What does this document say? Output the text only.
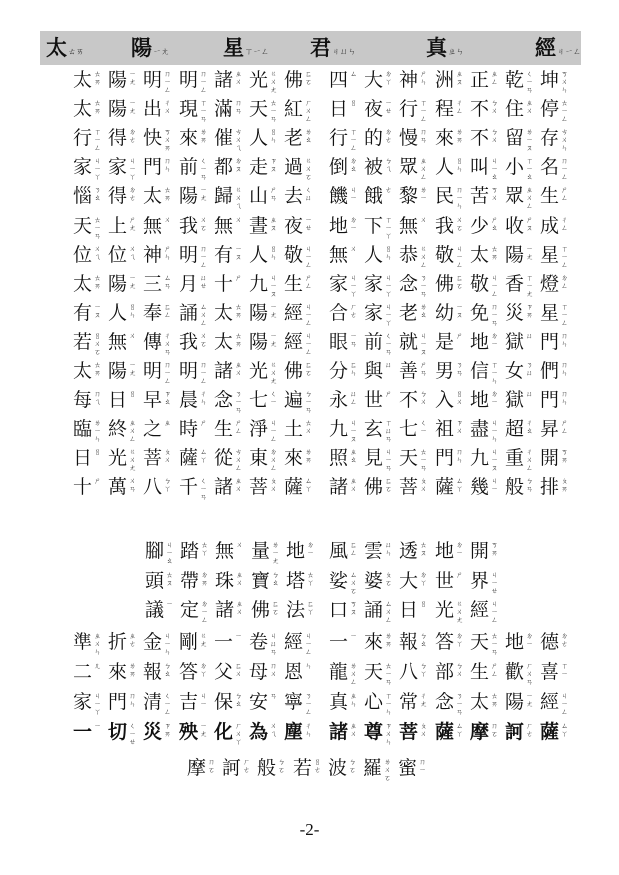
太ㄊㄞ 陽ㄧㄤ	星ㄒㄧㄥ 君ㄐㄩㄣ	真ㄓㄣ	經ㄐㄧㄥ
太 ㄊㄞ 陽 ㄧㄤ 明 ㄇㄧㄥ 明 ㄇㄧㄥ 諸 ㄓㄨ 光 ㄍㄨㄤ 佛 ㄈㄛ 四 ㄙ 大 ㄉㄚ 神 ㄕㄣ 洲 ㄓㄡ 正 ㄓㄥ 乾 ㄑㄧㄢ 坤 ㄎㄨㄣ
太 ㄊㄞ 陽 ㄧㄤ 出 ㄔㄨ 現 ㄒㄧㄢ 滿 ㄇㄢ 天 ㄊㄧㄢ 紅 ㄏㄨㄥ 日 ㄖ 夜 ㄧㄝ 行 ㄒㄧㄥ 程 ㄔㄥ 不 ㄅㄨ 住 ㄓㄨ 停 ㄊㄧㄥ
行 ㄒㄧㄥ 得 ㄉㄜ 快 ㄎㄨㄞ 來 ㄌㄞ 催 ㄘㄨㄟ 人 ㄖㄣ 老 ㄌㄠ 行 ㄒㄧㄥ 的 ㄉㄜ 慢 ㄇㄢ 來 ㄌㄞ 不 ㄅㄨ 留 ㄌㄧㄡ 存 ㄘㄨㄣ
家 ㄐㄧㄚ 家 ㄐㄧㄚ 門 ㄇㄣ 前 ㄑㄧㄢ 都 ㄉㄡ 走 ㄗㄡ 過 ㄍㄨㄛ 倒 ㄉㄠ 被 ㄅㄟ 眾 ㄓㄨㄥ 人 ㄖㄣ 叫 ㄐㄧㄠ 小 ㄒㄧㄠ 名 ㄇㄧㄥ
惱 ㄋㄠ 得 ㄉㄜ 太 ㄊㄞ 陽 ㄧㄤ 歸 ㄍㄨㄟ 山 ㄕㄢ 去 ㄑㄩ 饑 ㄐㄧ 餓 ㄜ 黎 ㄌㄧ 民 ㄇㄧㄣ 苦 ㄎㄨ 眾 ㄓㄨㄥ 生 ㄕㄥ
天 ㄊㄧㄢ 上 ㄕㄤ 無 ㄨ 我 ㄨㄛ 無 ㄨ 晝 ㄓㄡ 夜 ㄧㄝ 地 ㄉㄧ 下 ㄒㄧㄚ 無 ㄨ 我 ㄨㄛ 少 ㄕㄠ 收 ㄕㄡ 成 ㄔㄥ
位 ㄨㄟ 位 ㄨㄟ 神 ㄕㄣ 明 ㄇㄧㄥ 有 ㄧㄡ 人 ㄖㄣ 敬 ㄐㄧㄥ 無 ㄨ 人 ㄖㄣ 恭 ㄍㄨㄥ 敬 ㄐㄧㄥ 太 ㄊㄞ 陽 ㄧㄤ 星 ㄒㄧㄥ
太 ㄊㄞ 陽 ㄧㄤ 三 ㄙㄢ 月 ㄩㄝ 十 ㄕ 九 ㄐㄧㄡ 生 ㄕㄥ 家 ㄐㄧㄚ 家 ㄐㄧㄚ 念 ㄋㄧㄢ 佛 ㄈㄛ 敬 ㄐㄧㄥ 香 ㄒㄧㄤ 燈 ㄉㄥ
有 ㄧㄡ 人 ㄖㄣ 奉 ㄈㄥ 誦 ㄙㄨㄥ 太 ㄊㄞ 陽 ㄧㄤ 經 ㄐㄧㄥ 合 ㄏㄜ 家 ㄐㄧㄚ 老 ㄌㄠ 幼 ㄧㄡ 免 ㄇㄧㄢ 災 ㄗㄞ 星 ㄒㄧㄥ
若 ㄖㄨㄛ 無 ㄨ 傳 ㄔㄨㄢ 我 ㄨㄛ 太 ㄊㄞ 陽 ㄧㄤ 經 ㄐㄧㄥ 眼 ㄧㄢ 前 ㄑㄧㄢ 就 ㄐㄧㄡ 是 ㄕ 地 ㄉㄧ 獄 ㄩ 門 ㄇㄣ
太 ㄊㄞ 陽 ㄧㄤ 明 ㄇㄧㄥ 明 ㄇㄧㄥ 諸 ㄓㄨ 光 ㄍㄨㄤ 佛 ㄈㄛ 分 ㄈㄣ 與 ㄩ 善 ㄕㄢ 男 ㄋㄢ 信 ㄒㄧㄣ 女 ㄋㄩ 們 ㄇㄣ
每 ㄇㄟ 日 ㄖ 早 ㄗㄠ 晨 ㄔㄣ 念 ㄋㄧㄢ 七 ㄑㄧ 遍 ㄅㄧㄢ 永 ㄩㄥ 世 ㄕ 不 ㄅㄨ 入 ㄖㄨ 地 ㄉㄧ 獄 ㄩ 門 ㄇㄣ
臨 ㄌㄧㄣ 終 ㄓㄨㄥ 之 ㄓ 時 ㄕ 生 ㄕㄥ 淨 ㄐㄧㄥ 土 ㄊㄨ 九 ㄐㄧㄡ 玄 ㄒㄩㄢ 七 ㄑㄧ 祖 ㄗㄨ 盡 ㄐㄧㄣ 超 ㄔㄠ 昇 ㄕㄥ
日 ㄖ 光 ㄍㄨㄤ 菩 ㄆㄨ 薩 ㄙㄚ 從 ㄘㄨㄥ 東 ㄉㄨㄥ 來 ㄌㄞ 照 ㄓㄠ 見 ㄐㄧㄢ 天 ㄊㄧㄢ 門 ㄇㄣ 九 ㄐㄧㄡ 重 ㄔㄨㄥ 開 ㄎㄞ
十 ㄕ 萬 ㄨㄢ 八 ㄅㄚ 千 ㄑㄧㄢ 諸 ㄓㄨ 菩 ㄆㄨ 薩 ㄙㄚ 諸 ㄓㄨ 佛 ㄈㄛ 菩 ㄆㄨ 薩 ㄙㄚ 幾 ㄐㄧ 般 ㄅㄢ 排 ㄆㄞ
腳 ㄐㄧㄠ 踏 ㄊㄚ 無 ㄨ 量 ㄌㄧㄤ 地 ㄉㄧ 風 ㄈㄥ 雲 ㄩㄣ 透 ㄊㄡ 地 ㄉㄧ 開 ㄎㄞ
頭 ㄊㄡ 帶 ㄉㄞ 珠 ㄓㄨ 寶 ㄅㄠ 塔 ㄊㄚ 娑 ㄙㄨㄛ 婆 ㄆㄛ 大 ㄉㄚ 世 ㄕ 界 ㄐㄧㄝ
議 ㄧ 定 ㄉㄧㄥ 諸 ㄓㄨ 佛 ㄈㄛ 法 ㄈㄚ 口 ㄎㄡ 誦 ㄙㄨㄥ 日 ㄖ 光 ㄍㄨㄤ 經 ㄐㄧㄥ
準 ㄓㄨㄣ 折 ㄓㄜ 金 ㄐㄧㄣ 剛 ㄍㄤ 一 ㄧ 卷 ㄐㄩㄢ 經 ㄐㄧㄥ 一 ㄧ 來 ㄌㄞ 報 ㄅㄠ 答 ㄉㄚ 天 ㄊㄧㄢ 地 ㄉㄧ 德 ㄉㄜ
二 ㄦ 來 ㄌㄞ 報 ㄅㄠ 答 ㄉㄚ 父 ㄈㄨ 母 ㄇㄨ 恩 ㄣ 龍 ㄌㄨㄥ 天 ㄊㄧㄢ 八 ㄅㄚ 部 ㄅㄨ 生 ㄕㄥ 歡 ㄏㄨㄢ 喜 ㄒㄧ
家 ㄐㄧㄚ 門 ㄇㄣ 清 ㄑㄧㄥ 吉 ㄐㄧ 保 ㄅㄠ 安 ㄢ 寧 ㄋㄧㄥ 真 ㄓㄣ 心 ㄒㄧㄣ 常 ㄔㄤ 念 ㄋㄧㄢ 太 ㄊㄞ 陽 ㄧㄤ 經 ㄐㄧㄥ
一 ㄧ 切 ㄑㄧㄝ 災 ㄗㄞ 殃 ㄧㄤ 化 ㄏㄨㄚ 為 ㄨㄟ 塵 ㄔㄣ 諸 ㄓㄨ 尊 ㄗㄨㄣ 菩 ㄆㄨ 薩 ㄙㄚ 摩 ㄇㄛ 訶 ㄏㄜ 薩 ㄙㄚ
摩 ㄇㄛ 訶 ㄏㄜ 般 ㄅㄛ 若 ㄖㄜ 波 ㄅㄛ 羅 ㄌㄨㄛ 蜜 ㄇㄧ
-2-
